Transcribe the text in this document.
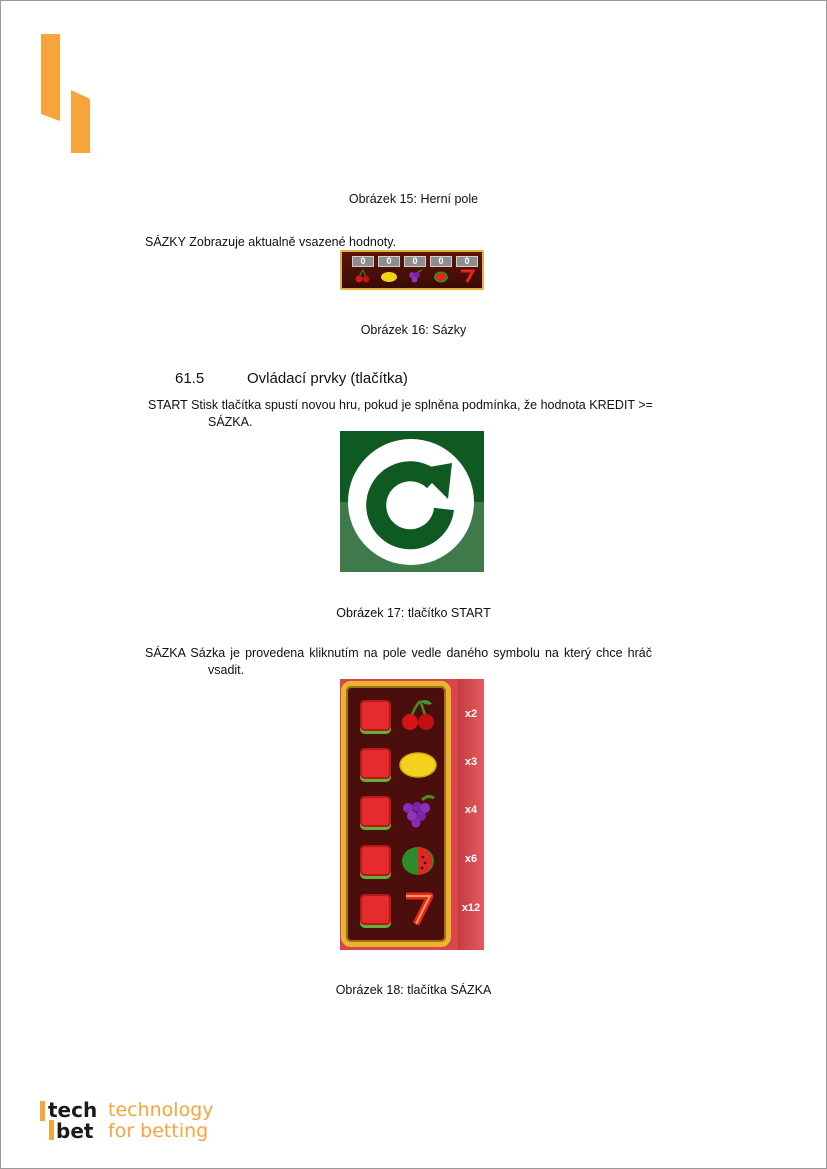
Obrázek 15: Herní pole
SÁZKY Zobrazuje aktualně vsazené hodnoty.
0	0	0	0	0
Obrázek 16: Sázky
61.5	Ovládací prvky (tlačítka)
START Stisk tlačítka spustí novou hru, pokud je splněna podmínka, že hodnota KREDIT >=
SÁZKA.
Obrázek 17: tlačítko START
SÁZKA Sázka je provedena kliknutím na pole vedle daného symbolu na který chce hráč
vsadit.
x2
x3
x4
x6
x12
Obrázek 18: tlačítka SÁZKA
tech
bet
technology
for betting
